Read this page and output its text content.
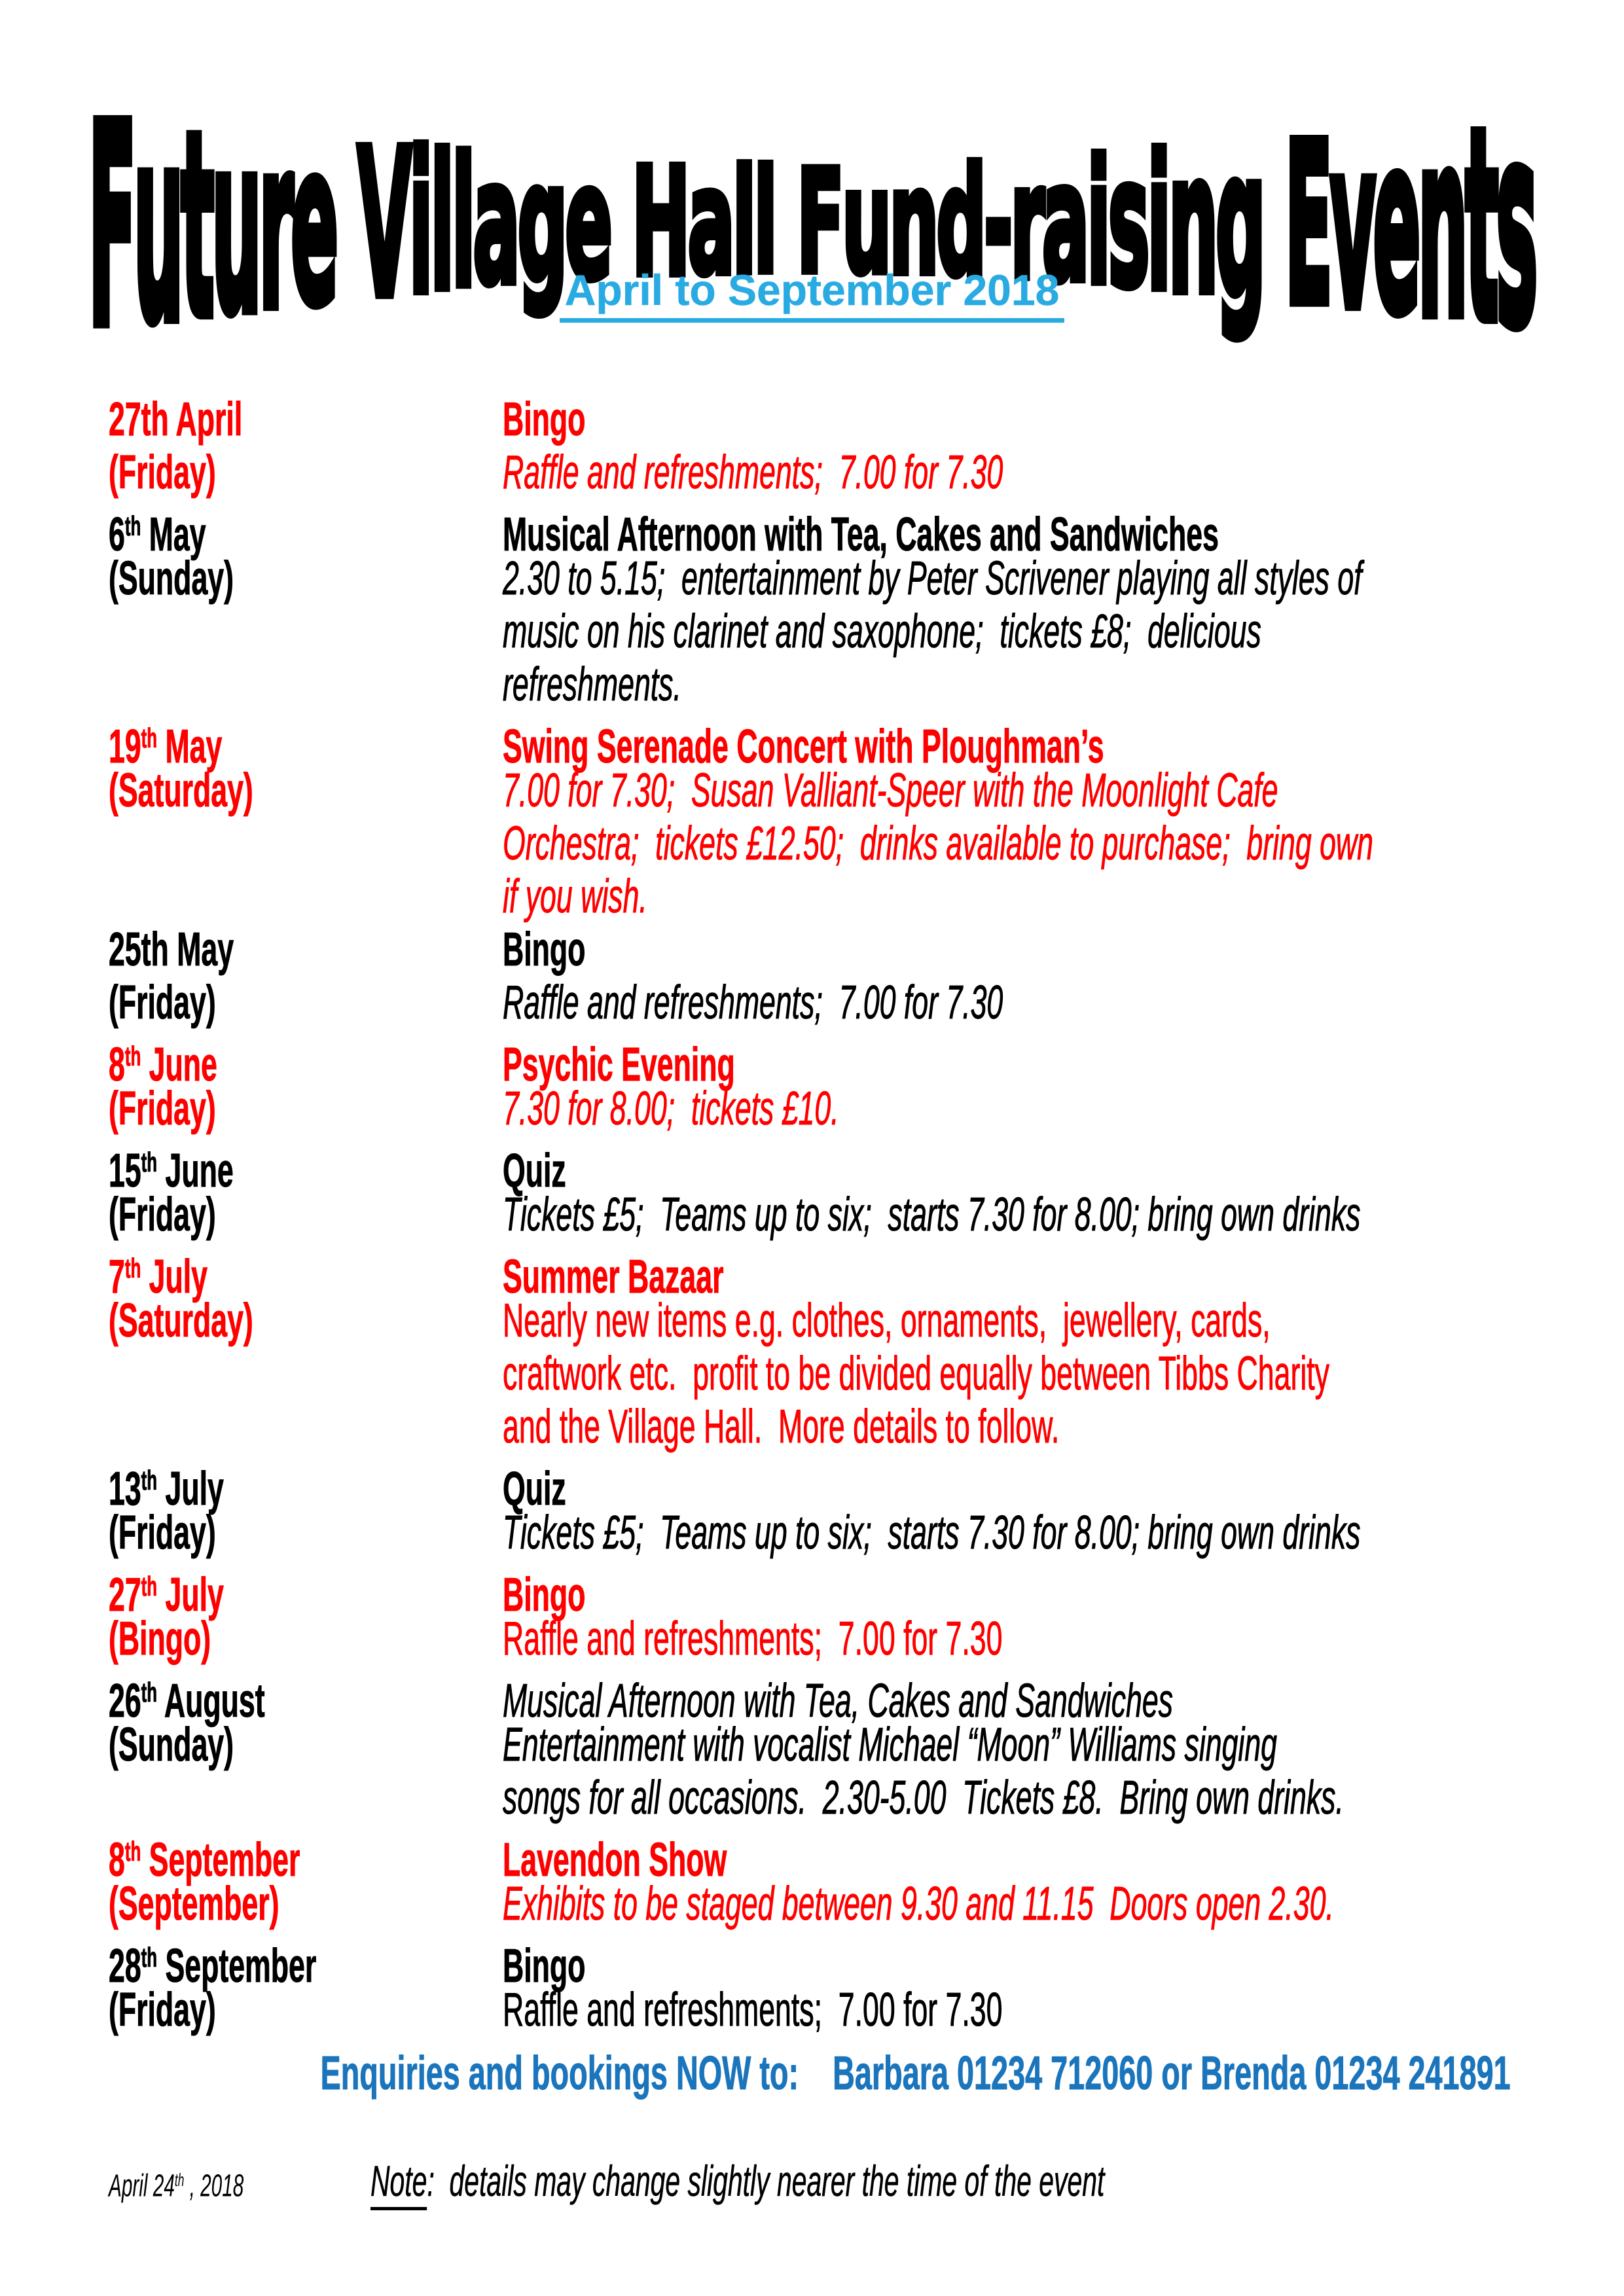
F u t u r e
V i l l a g e
H a l l
F u n d - r a i s i n g
E v e n t s
April to September 2018

27th April	Bingo

(Friday)	Raffle and refreshments;  7.00 for 7.30

6th May	Musical Afternoon with Tea, Cakes and Sandwiches

(Sunday)	2.30 to 5.15;  entertainment by Peter Scrivener playing all styles of

music on his clarinet and saxophone;  tickets £8;  delicious

refreshments.

19th May	Swing Serenade Concert with Ploughman’s

(Saturday)	7.00 for 7.30;  Susan Valliant-Speer with the Moonlight Cafe

Orchestra;  tickets £12.50;  drinks available to purchase;  bring own

if you wish.

25th May	Bingo

(Friday)	Raffle and refreshments;  7.00 for 7.30

8th June	Psychic Evening

(Friday)	7.30 for 8.00;  tickets £10.

15th June	Quiz

(Friday)	Tickets £5;  Teams up to six;  starts 7.30 for 8.00; bring own drinks

7th July	Summer Bazaar

(Saturday)	Nearly new items e.g. clothes, ornaments,  jewellery, cards,

craftwork etc.  profit to be divided equally between Tibbs Charity

and the Village Hall.  More details to follow.

13th July	Quiz

(Friday)	Tickets £5;  Teams up to six;  starts 7.30 for 8.00; bring own drinks

27th July	Bingo

(Bingo)	Raffle and refreshments;  7.00 for 7.30

26th August	Musical Afternoon with Tea, Cakes and Sandwiches

(Sunday)	Entertainment with vocalist Michael “Moon” Williams singing

songs for all occasions.  2.30-5.00  Tickets £8.  Bring own drinks.

8th September	Lavendon Show

(September)	Exhibits to be staged between 9.30 and 11.15  Doors open 2.30.

28th September	Bingo

(Friday)	Raffle and refreshments;  7.00 for 7.30

Enquiries and bookings NOW to:    Barbara 01234 712060 or Brenda 01234 241891

April 24th , 2018	Note:  details may change slightly nearer the time of the event
